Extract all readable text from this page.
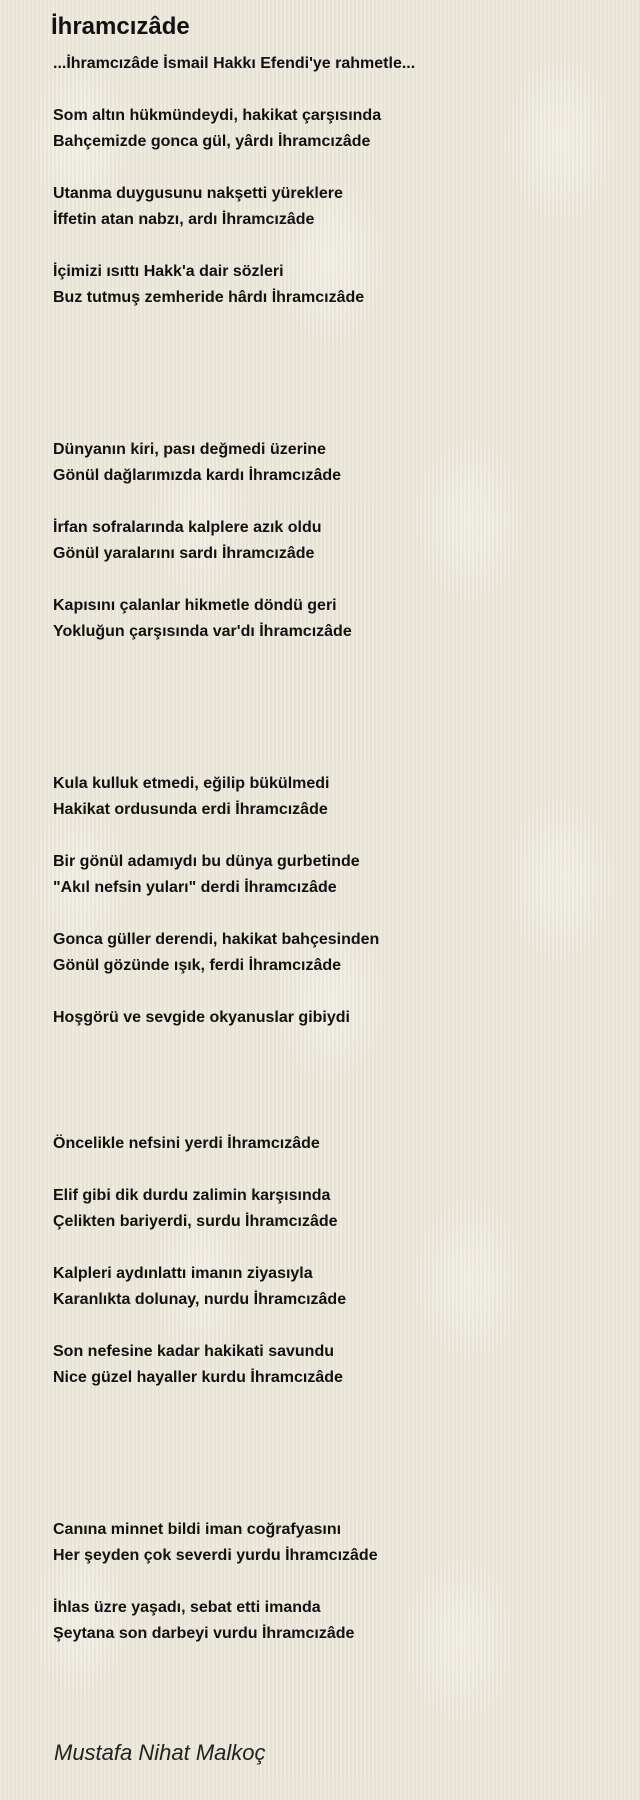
İhramcızâde
...İhramcızâde İsmail Hakkı Efendi'ye rahmetle...
Som altın hükmündeydi, hakikat çarşısında
Bahçemizde gonca gül, yârdı İhramcızâde
Utanma duygusunu nakşetti yüreklere
İffetin atan nabzı, ardı İhramcızâde
İçimizi ısıttı Hakk'a dair sözleri
Buz tutmuş zemheride hârdı İhramcızâde
Dünyanın kiri, pası değmedi üzerine
Gönül dağlarımızda kardı İhramcızâde
İrfan sofralarında kalplere azık oldu
Gönül yaralarını sardı İhramcızâde
Kapısını çalanlar hikmetle döndü geri
Yokluğun çarşısında var'dı İhramcızâde
Kula kulluk etmedi, eğilip bükülmedi
Hakikat ordusunda erdi İhramcızâde
Bir gönül adamıydı bu dünya gurbetinde
"Akıl nefsin yuları" derdi İhramcızâde
Gonca güller derendi, hakikat bahçesinden
Gönül gözünde ışık, ferdi İhramcızâde
Hoşgörü ve sevgide okyanuslar gibiydi
Öncelikle nefsini yerdi İhramcızâde
Elif gibi dik durdu zalimin karşısında
Çelikten bariyerdi, surdu İhramcızâde
Kalpleri aydınlattı imanın ziyasıyla
Karanlıkta dolunay, nurdu İhramcızâde
Son nefesine kadar hakikati savundu
Nice güzel hayaller kurdu İhramcızâde
Canına minnet bildi iman coğrafyasını
Her şeyden çok severdi yurdu İhramcızâde
İhlas üzre yaşadı, sebat etti imanda
Şeytana son darbeyi vurdu İhramcızâde
Mustafa Nihat Malkoç
